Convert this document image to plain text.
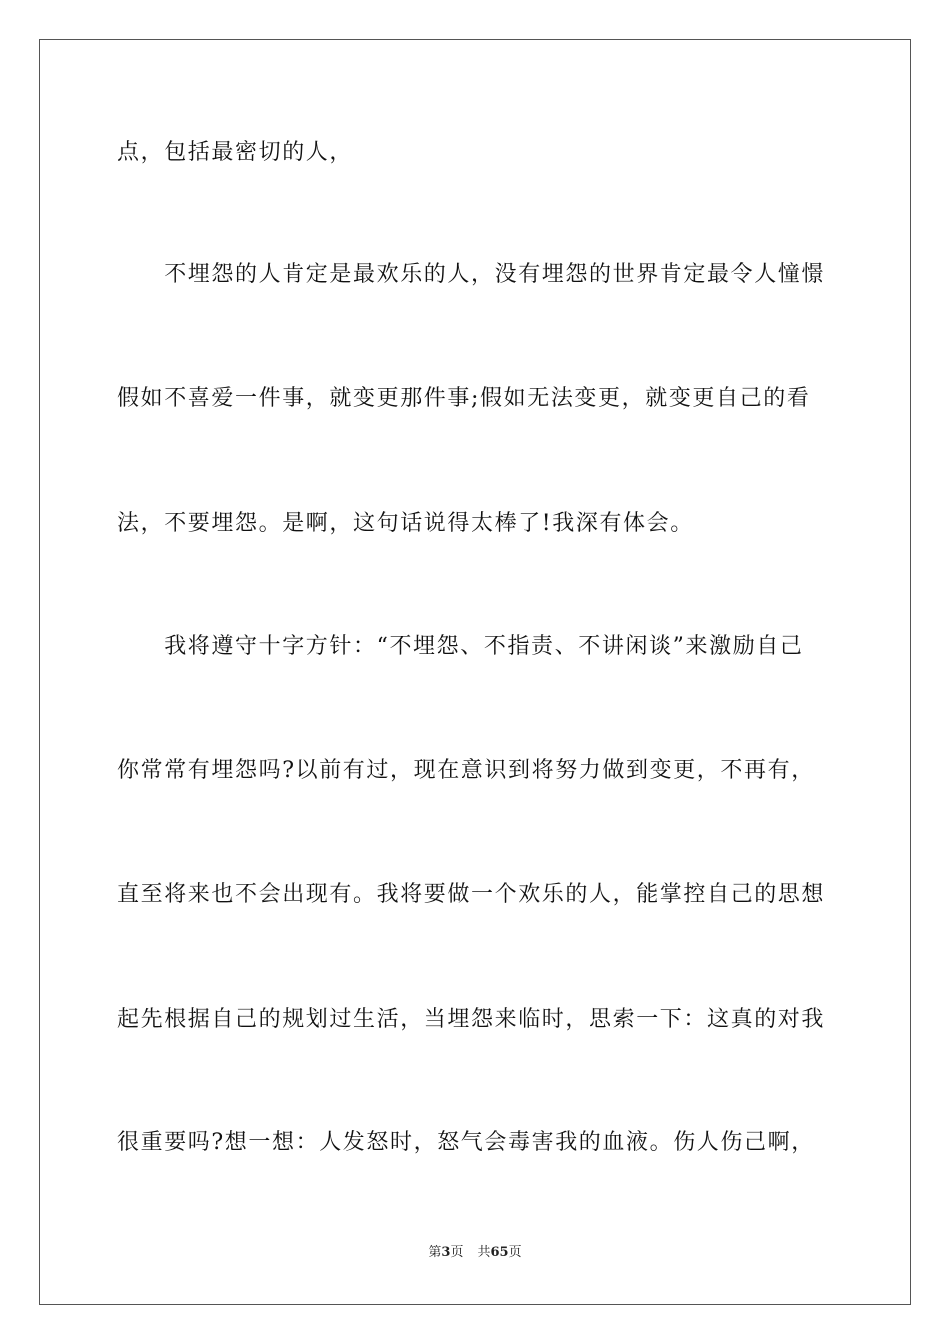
点，包括最密切的人，
　　不埋怨的人肯定是最欢乐的人，没有埋怨的世界肯定最令人憧憬
假如不喜爱一件事，就变更那件事;假如无法变更，就变更自己的看
法，不要埋怨。是啊，这句话说得太棒了!我深有体会。
　　我将遵守十字方针：“不埋怨、不指责、不讲闲谈”来激励自己
你常常有埋怨吗?以前有过，现在意识到将努力做到变更，不再有，
直至将来也不会出现有。我将要做一个欢乐的人，能掌控自己的思想
起先根据自己的规划过生活，当埋怨来临时，思索一下：这真的对我
很重要吗?想一想：人发怒时，怒气会毒害我的血液。伤人伤己啊，
第3页 共65页
